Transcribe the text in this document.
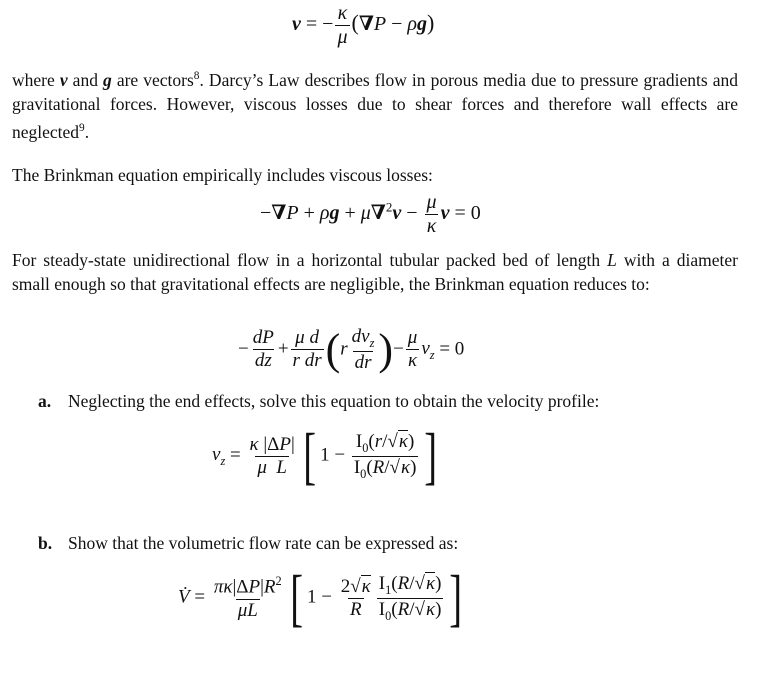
v = − $\frac{\kappa}{\mu} (\nabla P - \rho g)$
where v and g are vectors$^8$. Darcy’s Law describes flow in porous media due to pressure gradients and gravitational forces. However, viscous losses due to shear forces and therefore wall effects are neglected$^9$.
The Brinkman equation empirically includes viscous losses:
$-\nabla P + \rho g + \mu\nabla^2v - \frac{\mu}{\kappa}$ v = 0
For steady-state unidirectional flow in a horizontal tubular packed bed of length L with a diameter small enough so that gravitational effects are negligible, the Brinkman equation reduces to:
− $\frac{dP}{dz} + \frac{\text{μ d}}{\text{r dr}} (r \frac{dv_z}{dr}$ )− $\frac{\mu}{\kappa} v_z = 0$
a. Neglecting the end effects, solve this equation to obtain the velocity profile:
$v_z = \frac{\kappa |\Delta P|}{\text{μ  L}}$ [ $1 - \frac{I_0(r/√\kappa)}{I_0(R/√\kappa)}$ ]
b. Show that the volumetric flow rate can be expressed as:
V̇ = $\frac{\pi\kappa|\Delta P|R^2}{\mu L}$ [ $1 - \frac{2√\kappa}{R} \frac{I_1(R/√\kappa)}{I_0(R/√\kappa)}$ ]
